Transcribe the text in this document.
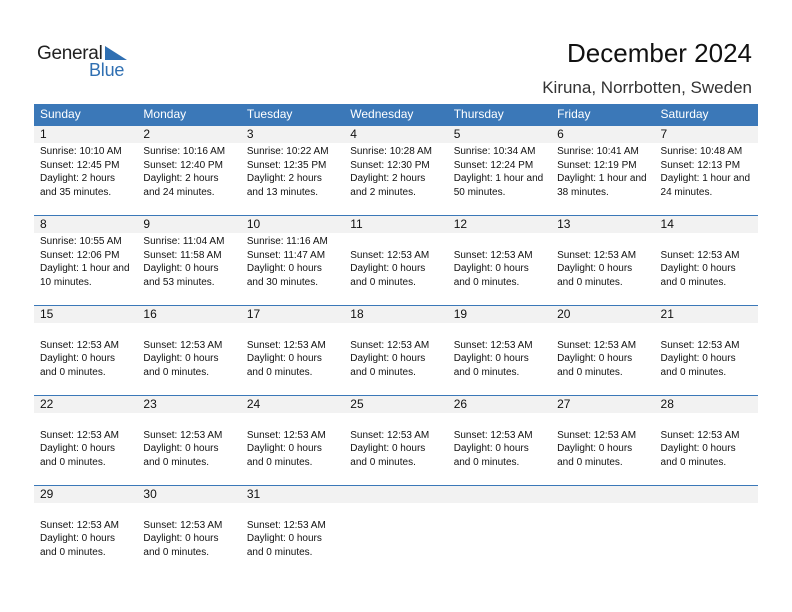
General
Blue
December 2024
Kiruna, Norrbotten, Sweden
Sunday	Monday	Tuesday	Wednesday	Thursday	Friday	Saturday
1	2	3	4	5	6	7
Sunrise: 10:10 AM
Sunset: 12:45 PM
Daylight: 2 hours
and 35 minutes.
Sunrise: 10:16 AM
Sunset: 12:40 PM
Daylight: 2 hours
and 24 minutes.
Sunrise: 10:22 AM
Sunset: 12:35 PM
Daylight: 2 hours
and 13 minutes.
Sunrise: 10:28 AM
Sunset: 12:30 PM
Daylight: 2 hours
and 2 minutes.
Sunrise: 10:34 AM
Sunset: 12:24 PM
Daylight: 1 hour and
50 minutes.
Sunrise: 10:41 AM
Sunset: 12:19 PM
Daylight: 1 hour and
38 minutes.
Sunrise: 10:48 AM
Sunset: 12:13 PM
Daylight: 1 hour and
24 minutes.
8	9	10	11	12	13	14
Sunrise: 10:55 AM
Sunset: 12:06 PM
Daylight: 1 hour and
10 minutes.
Sunrise: 11:04 AM
Sunset: 11:58 AM
Daylight: 0 hours
and 53 minutes.
Sunrise: 11:16 AM
Sunset: 11:47 AM
Daylight: 0 hours
and 30 minutes.
Sunset: 12:53 AM
Daylight: 0 hours
and 0 minutes.
Sunset: 12:53 AM
Daylight: 0 hours
and 0 minutes.
Sunset: 12:53 AM
Daylight: 0 hours
and 0 minutes.
Sunset: 12:53 AM
Daylight: 0 hours
and 0 minutes.
15	16	17	18	19	20	21
Sunset: 12:53 AM
Daylight: 0 hours
and 0 minutes.
Sunset: 12:53 AM
Daylight: 0 hours
and 0 minutes.
Sunset: 12:53 AM
Daylight: 0 hours
and 0 minutes.
Sunset: 12:53 AM
Daylight: 0 hours
and 0 minutes.
Sunset: 12:53 AM
Daylight: 0 hours
and 0 minutes.
Sunset: 12:53 AM
Daylight: 0 hours
and 0 minutes.
Sunset: 12:53 AM
Daylight: 0 hours
and 0 minutes.
22	23	24	25	26	27	28
Sunset: 12:53 AM
Daylight: 0 hours
and 0 minutes.
Sunset: 12:53 AM
Daylight: 0 hours
and 0 minutes.
Sunset: 12:53 AM
Daylight: 0 hours
and 0 minutes.
Sunset: 12:53 AM
Daylight: 0 hours
and 0 minutes.
Sunset: 12:53 AM
Daylight: 0 hours
and 0 minutes.
Sunset: 12:53 AM
Daylight: 0 hours
and 0 minutes.
Sunset: 12:53 AM
Daylight: 0 hours
and 0 minutes.
29	30	31
Sunset: 12:53 AM
Daylight: 0 hours
and 0 minutes.
Sunset: 12:53 AM
Daylight: 0 hours
and 0 minutes.
Sunset: 12:53 AM
Daylight: 0 hours
and 0 minutes.
